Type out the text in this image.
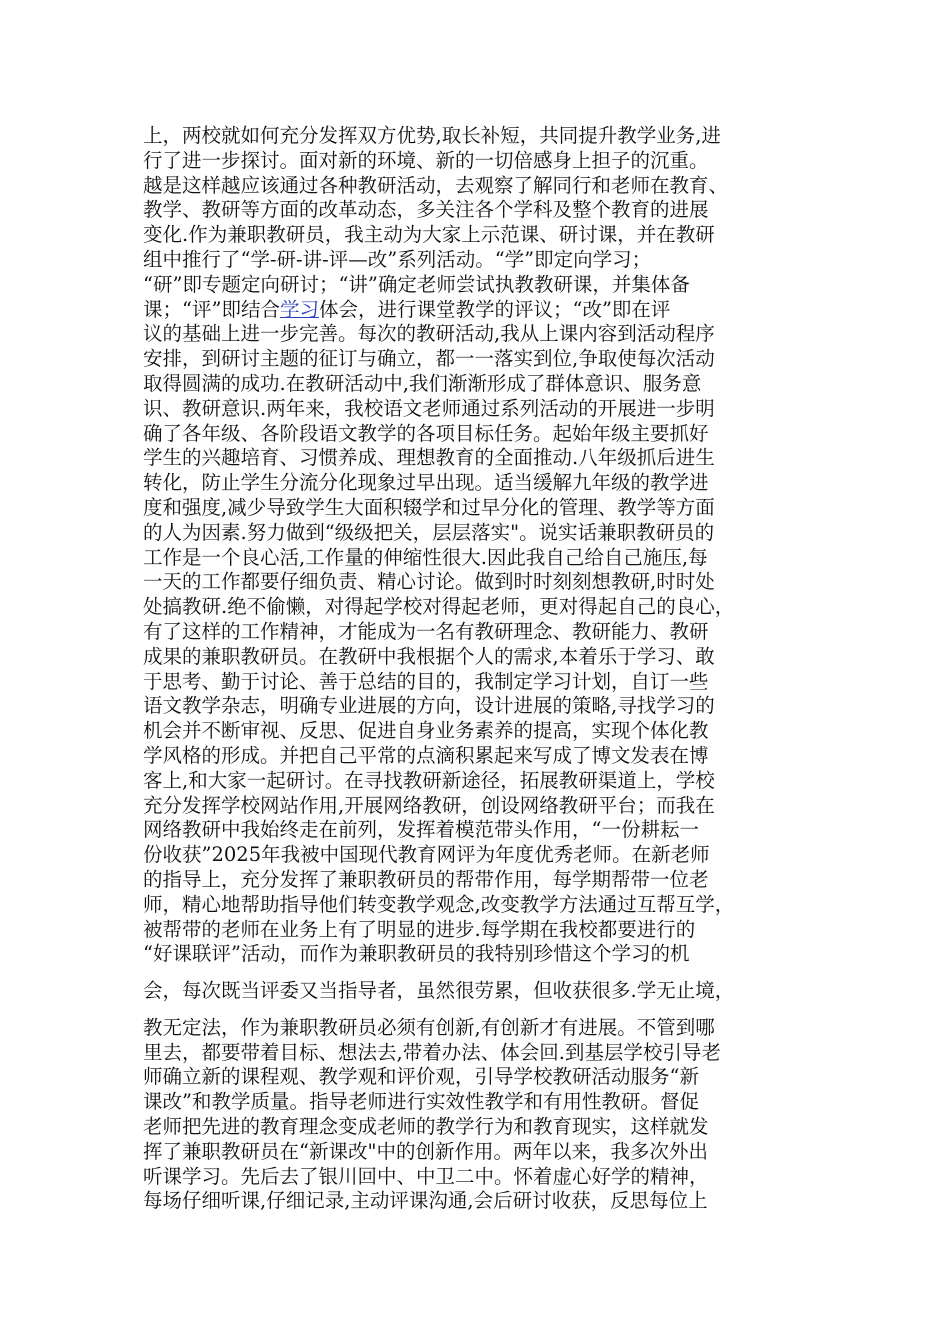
上，两校就如何充分发挥双方优势,取长补短，共同提升教学业务,进
行了进一步探讨。面对新的环境、新的一切倍感身上担子的沉重。
越是这样越应该通过各种教研活动，去观察了解同行和老师在教育、
教学、教研等方面的改革动态，多关注各个学科及整个教育的进展
变化.作为兼职教研员，我主动为大家上示范课、研讨课，并在教研
组中推行了“学-研-讲-评—改”系列活动。“学”即定向学习；
“研”即专题定向研讨；“讲”确定老师尝试执教教研课，并集体备
课；“评”即结合学习体会，进行课堂教学的评议；“改”即在评
议的基础上进一步完善。每次的教研活动,我从上课内容到活动程序
安排，到研讨主题的征订与确立，都一一落实到位,争取使每次活动
取得圆满的成功.在教研活动中,我们渐渐形成了群体意识、服务意
识、教研意识.两年来，我校语文老师通过系列活动的开展进一步明
确了各年级、各阶段语文教学的各项目标任务。起始年级主要抓好
学生的兴趣培育、习惯养成、理想教育的全面推动.八年级抓后进生
转化，防止学生分流分化现象过早出现。适当缓解九年级的教学进
度和强度,减少导致学生大面积辍学和过早分化的管理、教学等方面
的人为因素.努力做到“级级把关，层层落实"。说实话兼职教研员的
工作是一个良心活,工作量的伸缩性很大.因此我自己给自己施压,每
一天的工作都要仔细负责、精心讨论。做到时时刻刻想教研,时时处
处搞教研.绝不偷懒，对得起学校对得起老师，更对得起自己的良心，
有了这样的工作精神，才能成为一名有教研理念、教研能力、教研
成果的兼职教研员。在教研中我根据个人的需求,本着乐于学习、敢
于思考、勤于讨论、善于总结的目的，我制定学习计划，自订一些
语文教学杂志，明确专业进展的方向，设计进展的策略,寻找学习的
机会并不断审视、反思、促进自身业务素养的提高，实现个体化教
学风格的形成。并把自己平常的点滴积累起来写成了博文发表在博
客上,和大家一起研讨。在寻找教研新途径，拓展教研渠道上，学校
充分发挥学校网站作用,开展网络教研，创设网络教研平台；而我在
网络教研中我始终走在前列，发挥着模范带头作用，“一份耕耘一
份收获”2025年我被中国现代教育网评为年度优秀老师。在新老师
的指导上，充分发挥了兼职教研员的帮带作用，每学期帮带一位老
师，精心地帮助指导他们转变教学观念,改变教学方法通过互帮互学，
被帮带的老师在业务上有了明显的进步.每学期在我校都要进行的
“好课联评”活动，而作为兼职教研员的我特别珍惜这个学习的机
会，每次既当评委又当指导者，虽然很劳累，但收获很多.学无止境，
教无定法，作为兼职教研员必须有创新,有创新才有进展。不管到哪
里去，都要带着目标、想法去,带着办法、体会回.到基层学校引导老
师确立新的课程观、教学观和评价观，引导学校教研活动服务“新
课改”和教学质量。指导老师进行实效性教学和有用性教研。督促
老师把先进的教育理念变成老师的教学行为和教育现实，这样就发
挥了兼职教研员在“新课改"中的创新作用。两年以来，我多次外出
听课学习。先后去了银川回中、中卫二中。怀着虚心好学的精神，
每场仔细听课,仔细记录,主动评课沟通,会后研讨收获，反思每位上
